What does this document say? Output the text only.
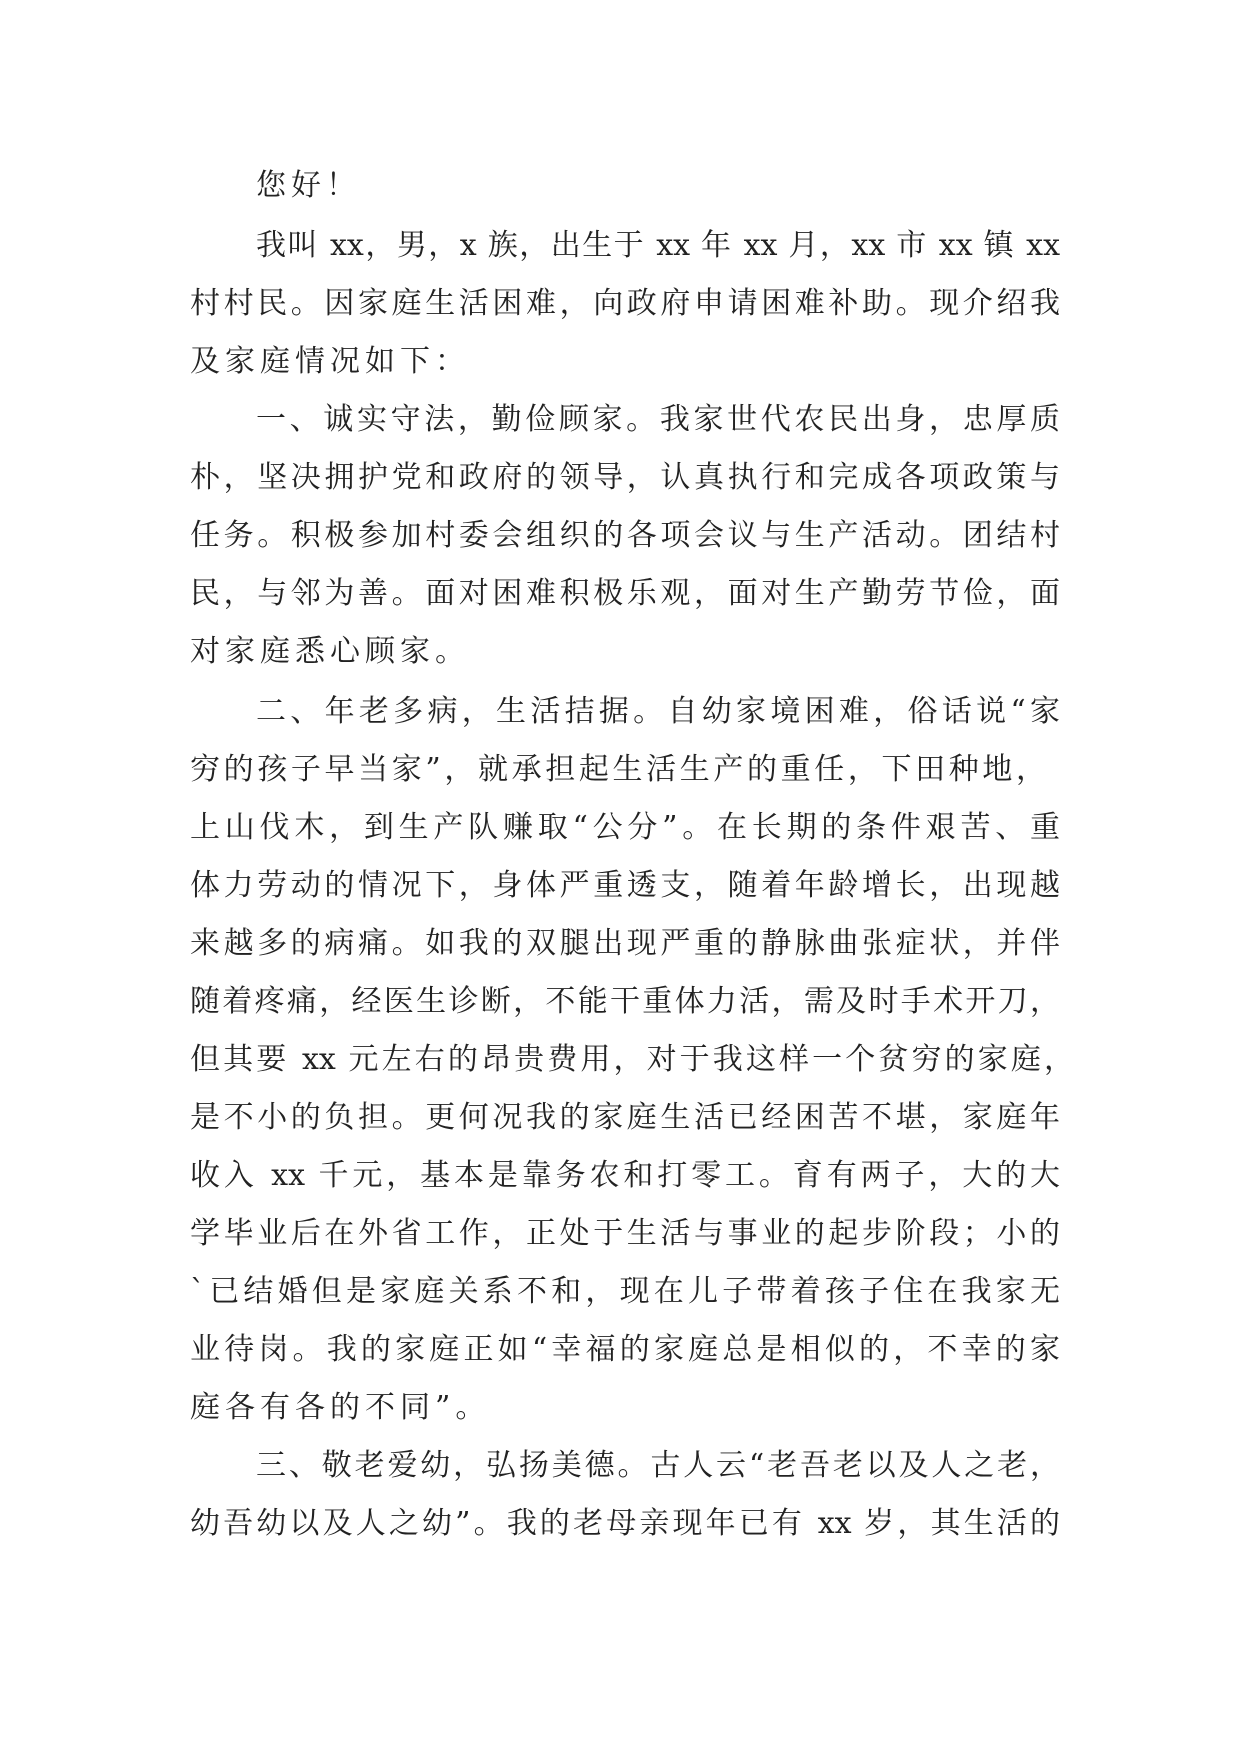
您好！
我叫 xx，男，x 族，出生于 xx 年 xx 月，xx 市 xx 镇 xx
村村民。因家庭生活困难，向政府申请困难补助。现介绍我
及家庭情况如下：
一、诚实守法，勤俭顾家。我家世代农民出身，忠厚质
朴，坚决拥护党和政府的领导，认真执行和完成各项政策与
任务。积极参加村委会组织的各项会议与生产活动。团结村
民，与邻为善。面对困难积极乐观，面对生产勤劳节俭，面
对家庭悉心顾家。
二、年老多病，生活拮据。自幼家境困难，俗话说“家
穷的孩子早当家”，就承担起生活生产的重任，下田种地，
上山伐木，到生产队赚取“公分”。在长期的条件艰苦、重
体力劳动的情况下，身体严重透支，随着年龄增长，出现越
来越多的病痛。如我的双腿出现严重的静脉曲张症状，并伴
随着疼痛，经医生诊断，不能干重体力活，需及时手术开刀，
但其要 xx 元左右的昂贵费用，对于我这样一个贫穷的家庭，
是不小的负担。更何况我的家庭生活已经困苦不堪，家庭年
收入 xx 千元，基本是靠务农和打零工。育有两子，大的大
学毕业后在外省工作，正处于生活与事业的起步阶段；小的
`已结婚但是家庭关系不和，现在儿子带着孩子住在我家无
业待岗。我的家庭正如“幸福的家庭总是相似的，不幸的家
庭各有各的不同”。
三、敬老爱幼，弘扬美德。古人云“老吾老以及人之老，
幼吾幼以及人之幼”。我的老母亲现年已有 xx 岁，其生活的
